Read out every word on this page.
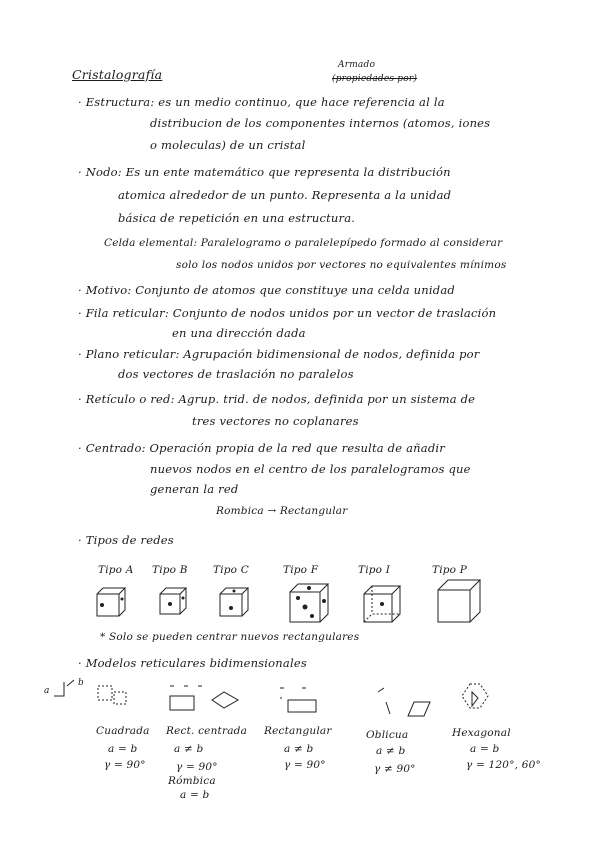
Cristalografía
Armado
(propiedades por)
· Estructura: es un medio continuo, que hace referencia al la
distribucion de los componentes internos (atomos, iones
o moleculas) de un cristal
· Nodo: Es un ente matemático que representa la distribución
atomica alrededor de un punto. Representa a la unidad
básica de repetición en una estructura.
Celda elemental: Paralelogramo o paralelepípedo formado al considerar
solo los nodos unidos por vectores no equivalentes mínimos
· Motivo: Conjunto de atomos que constituye una celda unidad
· Fila reticular: Conjunto de nodos unidos por un vector de traslación
en una dirección dada
· Plano reticular: Agrupación bidimensional de nodos, definida por
dos vectores de traslación no paralelos
· Retículo o red: Agrup. trid. de nodos, definida por un sistema de
tres vectores no coplanares
· Centrado: Operación propia de la red que resulta de añadir
nuevos nodos en el centro de los paralelogramos que
generan la red
Rombica → Rectangular
· Tipos de redes
Tipo A Tipo B Tipo C	Tipo F	Tipo I	Tipo P
* Solo se pueden centrar nuevos rectangulares
· Modelos reticulares bidimensionales
Cuadrada
a = b
γ = 90°
Rect. centrada
a ≠ b
γ = 90°
Rómbica
a = b
Rectangular
a ≠ b
γ = 90°
Oblicua
a ≠ b
γ ≠ 90°
Hexagonal
a = b
γ = 120°, 60°
a
b
